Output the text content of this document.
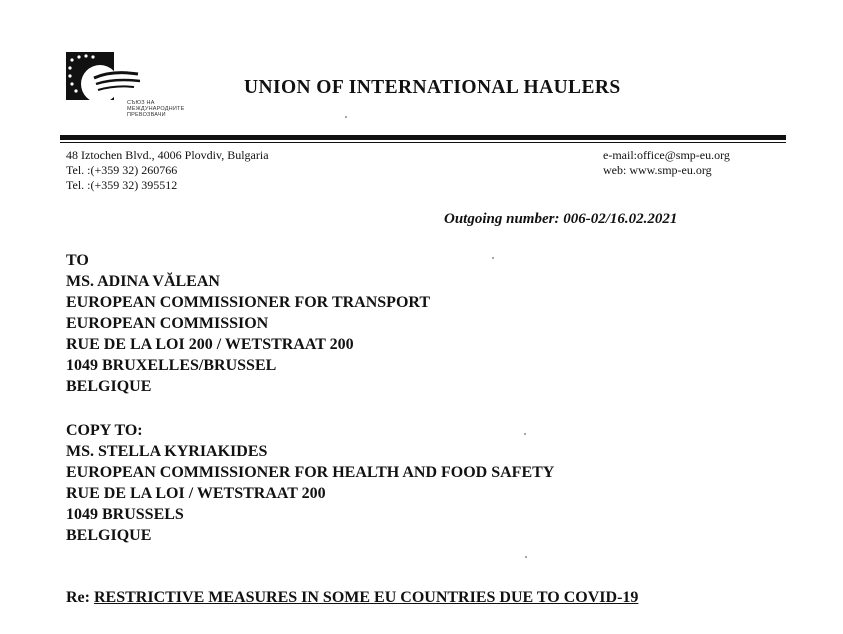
СЪЮЗ НА
МЕЖДУНАРОДНИТЕ
ПРЕВОЗВАЧИ
UNION OF INTERNATIONAL HAULERS
48 Iztochen Blvd., 4006 Plovdiv, Bulgaria
Tel. :(+359 32) 260766
Tel. :(+359 32) 395512
e-mail:office@smp-eu.org
web: www.smp-eu.org
Outgoing number: 006-02/16.02.2021
TO
MS. ADINA VĂLEAN
EUROPEAN COMMISSIONER FOR TRANSPORT
EUROPEAN COMMISSION
RUE DE LA LOI 200 / WETSTRAAT 200
1049 BRUXELLES/BRUSSEL
BELGIQUE
COPY TO:
MS. STELLA KYRIAKIDES
EUROPEAN COMMISSIONER FOR HEALTH AND FOOD SAFETY
RUE DE LA LOI / WETSTRAAT 200
1049 BRUSSELS
BELGIQUE
Re: RESTRICTIVE MEASURES IN SOME EU COUNTRIES DUE TO COVID-19
